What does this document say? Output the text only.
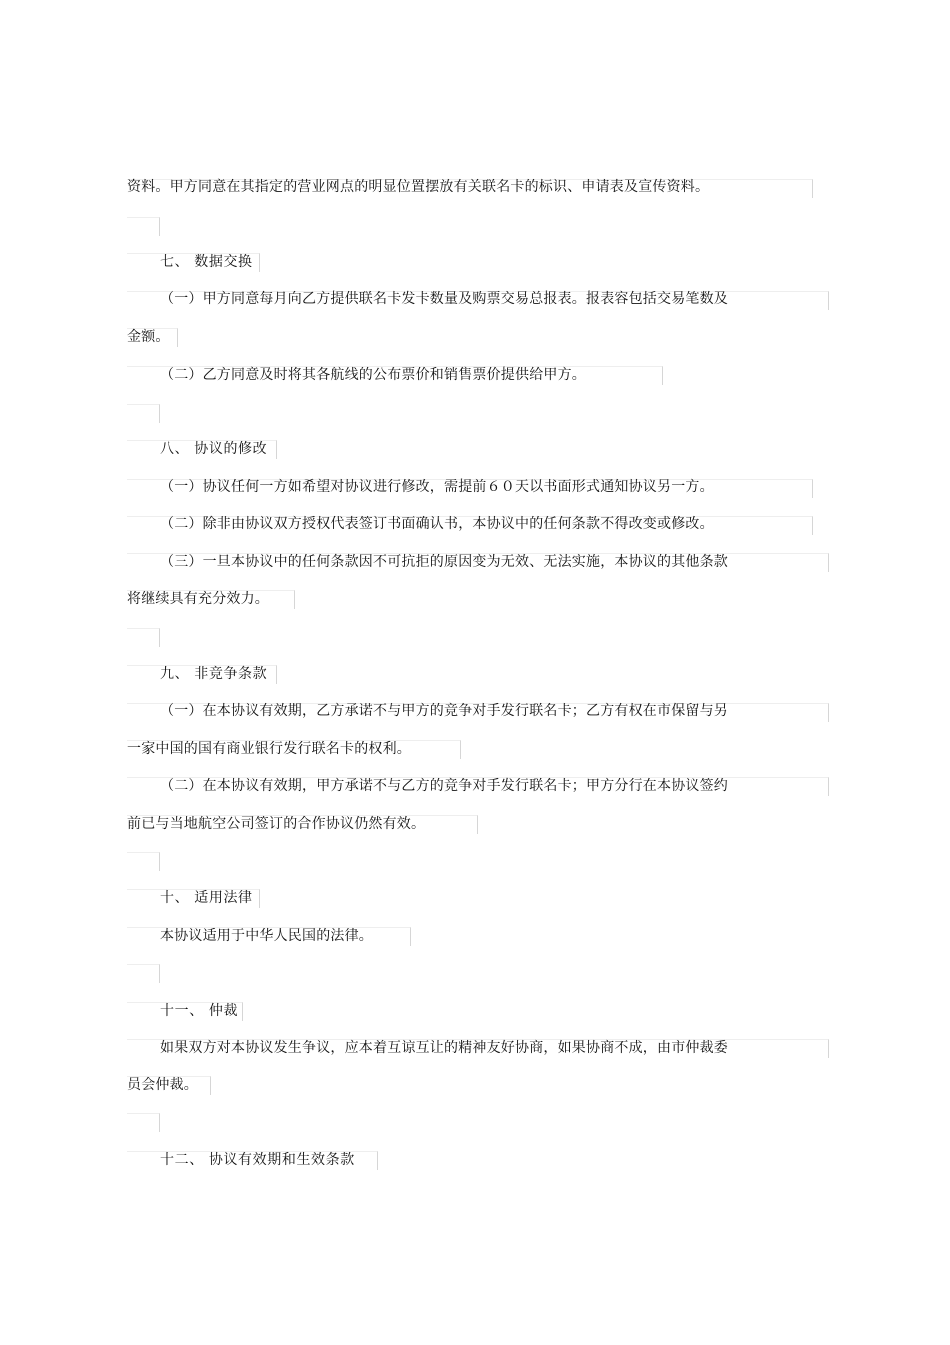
资料。甲方同意在其指定的营业网点的明显位置摆放有关联名卡的标识、申请表及宣传资料。
七、 数据交换
（一）甲方同意每月向乙方提供联名卡发卡数量及购票交易总报表。报表容包括交易笔数及
金额。
（二）乙方同意及时将其各航线的公布票价和销售票价提供给甲方。
八、 协议的修改
（一）协议任何一方如希望对协议进行修改，需提前６０天以书面形式通知协议另一方。
（二）除非由协议双方授权代表签订书面确认书，本协议中的任何条款不得改变或修改。
（三）一旦本协议中的任何条款因不可抗拒的原因变为无效、无法实施，本协议的其他条款
将继续具有充分效力。
九、 非竞争条款
（一）在本协议有效期，乙方承诺不与甲方的竞争对手发行联名卡；乙方有权在市保留与另
一家中国的国有商业银行发行联名卡的权利。
（二）在本协议有效期，甲方承诺不与乙方的竞争对手发行联名卡；甲方分行在本协议签约
前已与当地航空公司签订的合作协议仍然有效。
十、 适用法律
本协议适用于中华人民国的法律。
十一、 仲裁
如果双方对本协议发生争议，应本着互谅互让的精神友好协商，如果协商不成，由市仲裁委
员会仲裁。
十二、 协议有效期和生效条款
